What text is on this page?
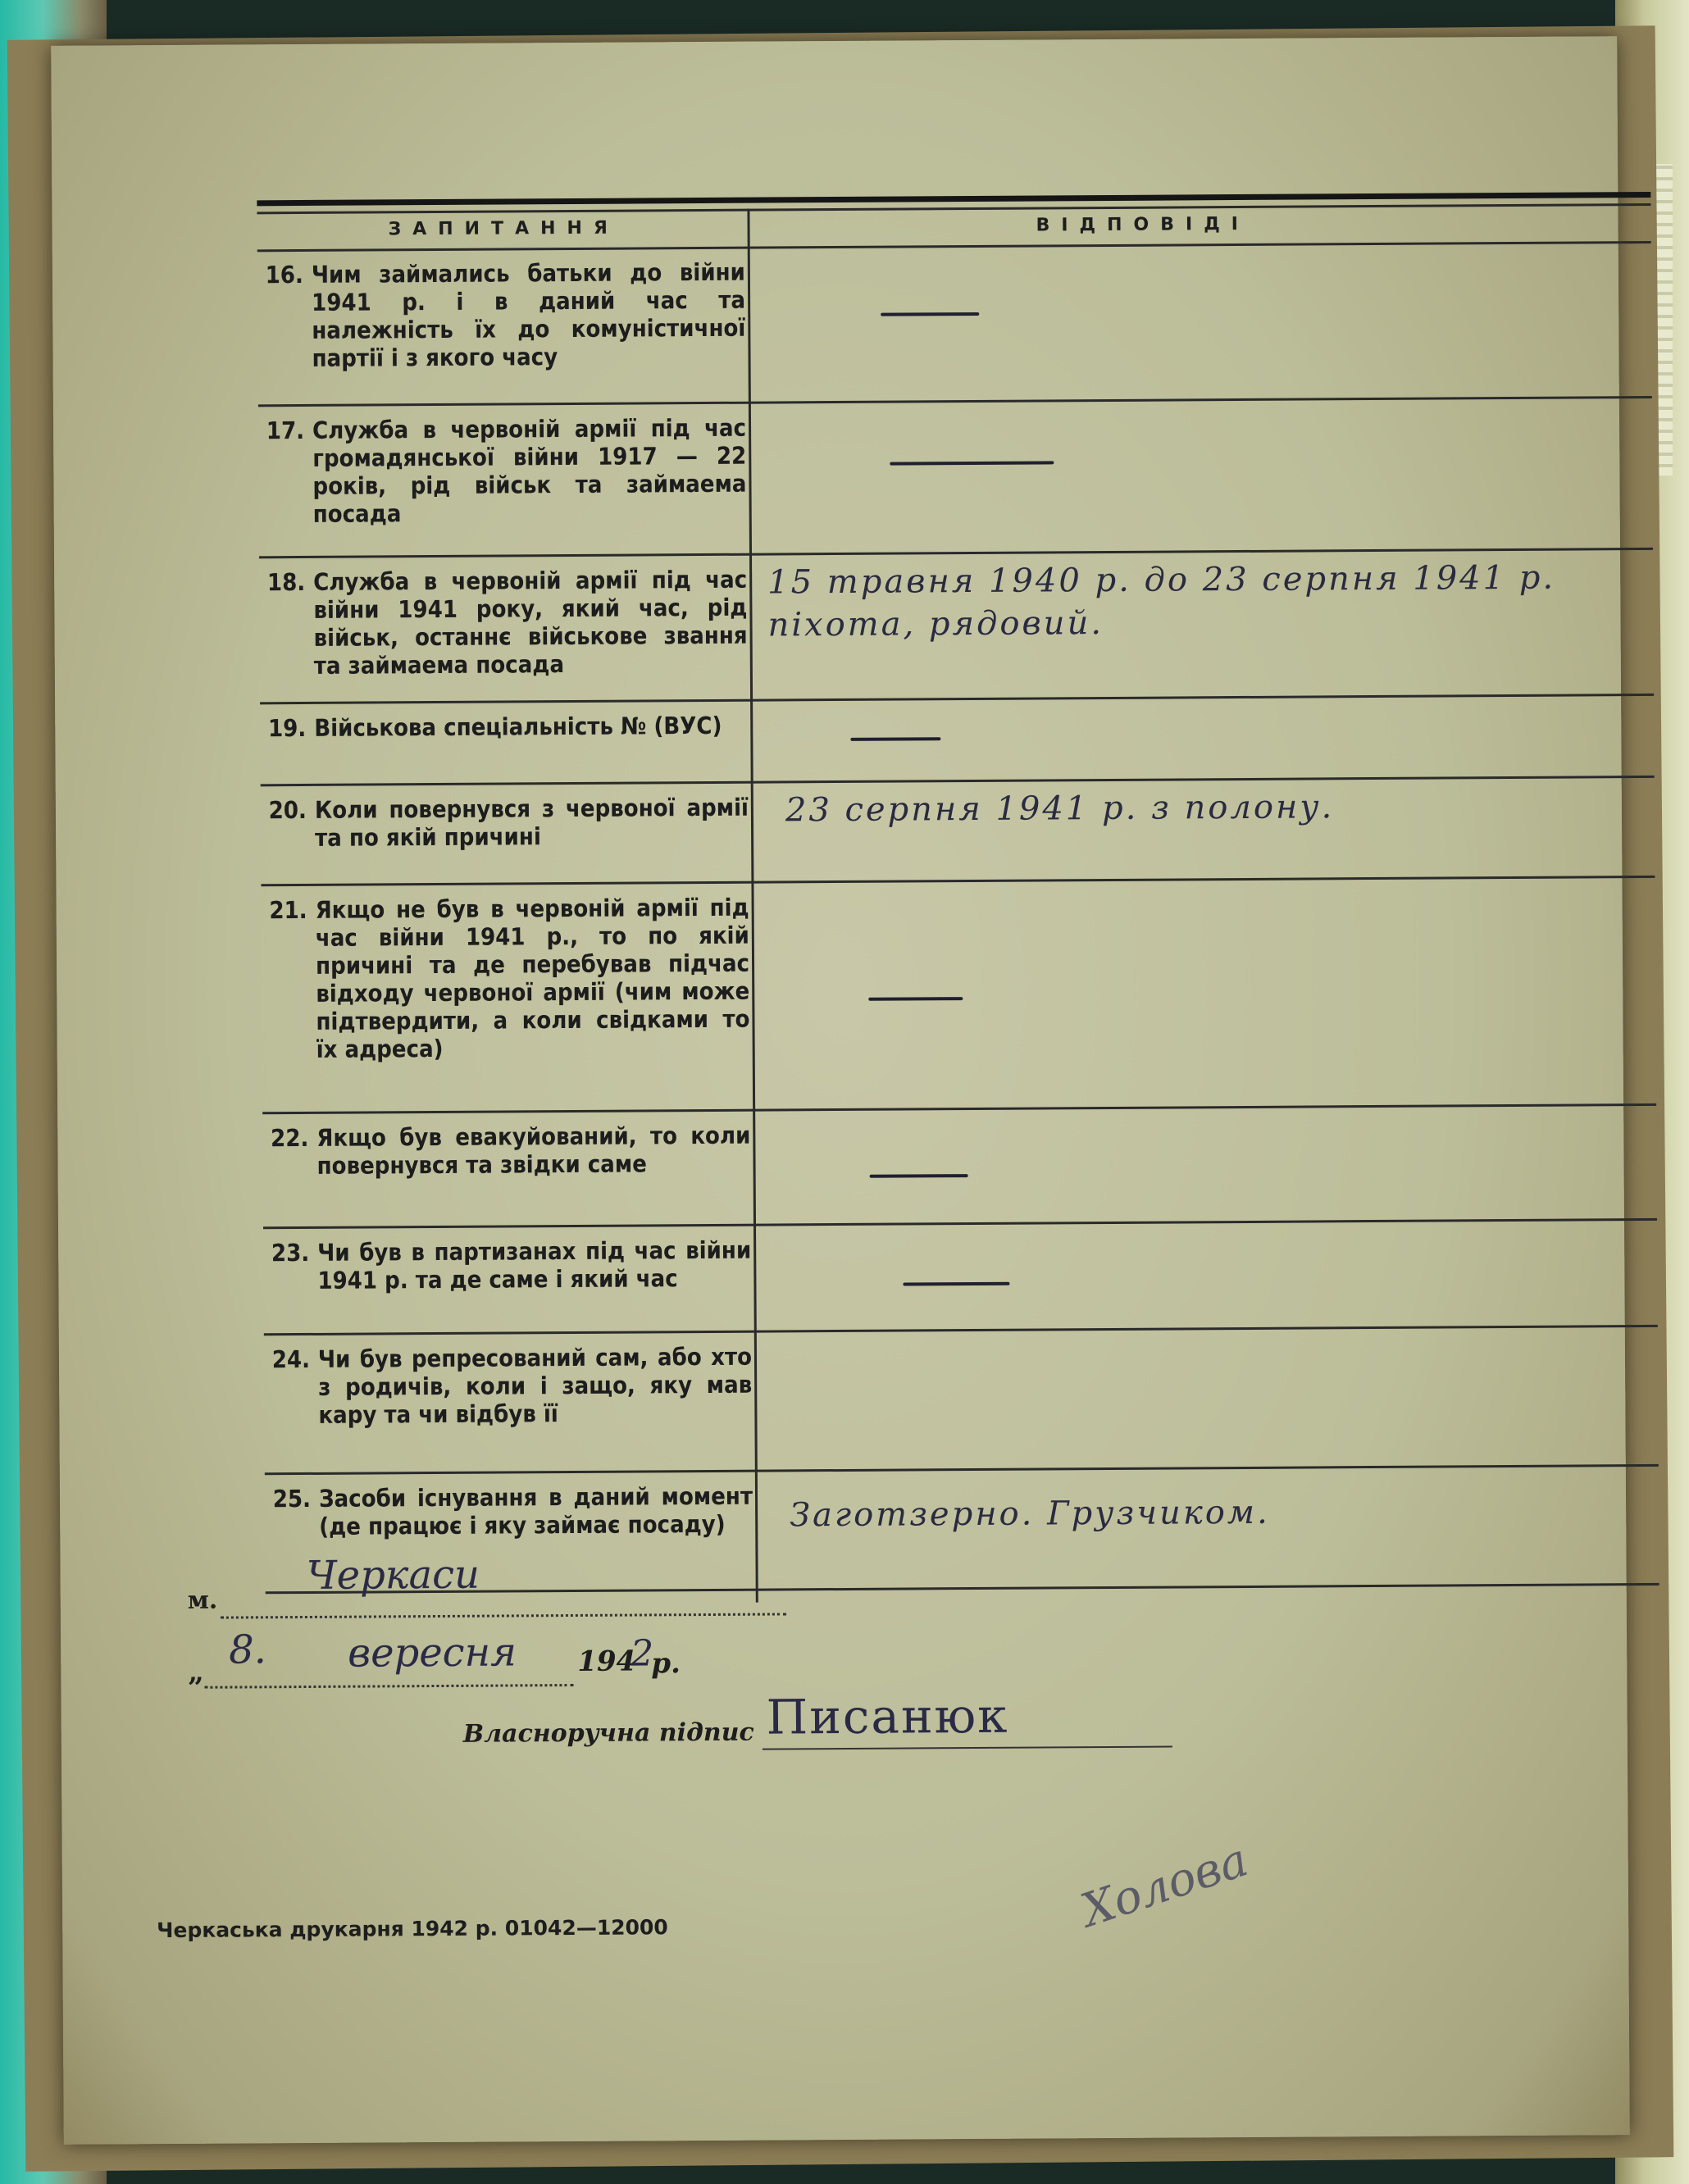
ЗАПИТАННЯ	ВІДПОВІДІ
16. Чим займались батьки до війни 1941 р. і в даний час та належність їх до комуністичної партії і з якого часу
17. Служба в червоній армії під час громадянської війни 1917 — 22 років, рід військ та займаема посада
18. Служба в червоній армії під час війни 1941 року, який час, рід військ, останнє військове звання та займаема посада
15 травня 1940 р. до 23 серпня 1941 р.
пiхота, рядовий.
19. Військова спеціальність № (ВУС)
20. Коли повернувся з червоної армії та по якій причині
23 серпня 1941 р. з полону.
21. Якщо не був в червоній армії під час війни 1941 р., то по якій причині та де перебував підчас відходу червоної армії (чим може підтвердити, а коли свідками то їх адреса)
22. Якщо був евакуйований, то коли повернувся та звідки саме
23. Чи був в партизанах під час війни 1941 р. та де саме і який час
24. Чи був репресований сам, або хто з родичів, коли і защо, яку мав кару та чи відбув її
25. Засоби існування в даний момент (де працює і яку займає посаду)	Заготзерно. Грузчиком.
м.
Черкаси
„ 8. вересня 194
2
р.
Власноручна підпис Писанюк
Холова
Черкаська друкарня 1942 р. 01042—12000
